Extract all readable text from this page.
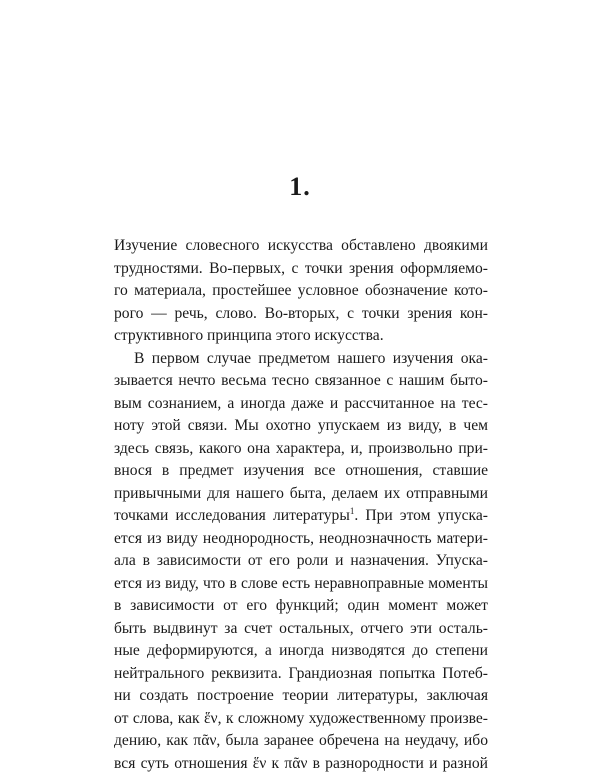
1.

Изучение словесного искусства обставлено двоякими
трудностями. Во-первых, с точки зрения оформляемо-
го материала, простейшее условное обозначение кото-
рого — речь, слово. Во-вторых, с точки зрения кон-
структивного принципа этого искусства.

В первом случае предметом нашего изучения ока-
зывается нечто весьма тесно связанное с нашим быто-
вым сознанием, а иногда даже и рассчитанное на тес-
ноту этой связи. Мы охотно упускаем из виду, в чем
здесь связь, какого она характера, и, произвольно при-
внося в предмет изучения все отношения, ставшие
привычными для нашего быта, делаем их отправными
точками исследования литературы$^1$. При этом упуска-
ется из виду неоднородность, неоднозначность матери-
ала в зависимости от его роли и назначения. Упуска-
ется из виду, что в слове есть неравноправные моменты
в зависимости от его функций; один момент может
быть выдвинут за счет остальных, отчего эти осталь-
ные деформируются, а иногда низводятся до степени
нейтрального реквизита. Грандиозная попытка Потеб-
ни создать построение теории литературы, заключая
от слова, как ἕν, к сложному художественному произве-
дению, как πᾶν, была заранее обречена на неудачу, ибо
вся суть отношения ἕν к πᾶν в разнородности и разной
